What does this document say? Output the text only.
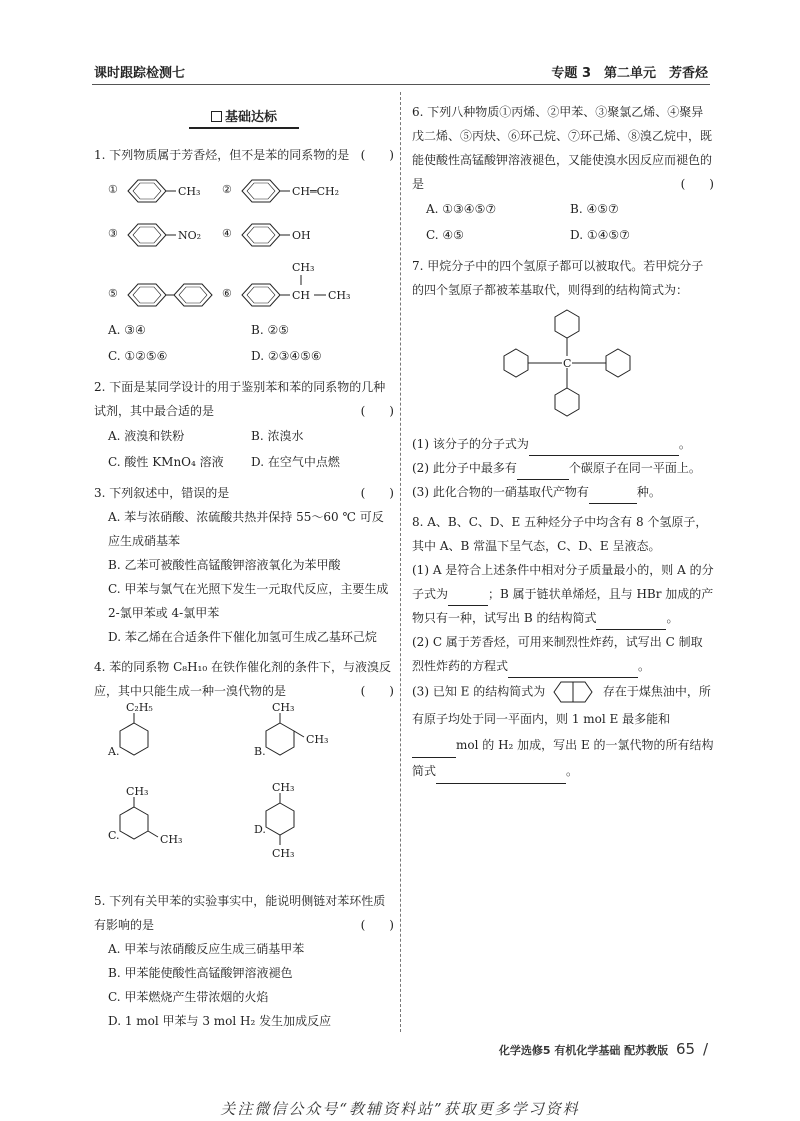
课时跟踪检测七	专题 3　第二单元　芳香烃
基础达标

1. 下列物质属于芳香烃，但不是苯的同系物的是 (　　)

①	CH₃ ②	CH═CH₂
③	NO₂ ④	OH
⑤	⑥	CH CH₃
CH₃
A. ③④	B. ②⑤
C. ①②⑤⑥	D. ②③④⑤⑥

2. 下面是某同学设计的用于鉴别苯和苯的同系物的几种试剂，其中最合适的是	(　　)

A. 液溴和铁粉	B. 浓溴水
C. 酸性 KMnO₄ 溶液	D. 在空气中点燃

3. 下列叙述中，错误的是	(　　)

A. 苯与浓硝酸、浓硫酸共热并保持 55～60 ℃ 可反应生成硝基苯

B. 乙苯可被酸性高锰酸钾溶液氧化为苯甲酸

C. 甲苯与氯气在光照下发生一元取代反应，主要生成 2-氯甲苯或 4-氯甲苯

D. 苯乙烯在合适条件下催化加氢可生成乙基环己烷

4. 苯的同系物 C₈H₁₀ 在铁作催化剂的条件下，与液溴反应，其中只能生成一种一溴代物的是	(　　)

A.
C₂H₅
B.
CH₃
CH₃
C.
CH₃
CH₃
D.
CH₃
CH₃

5. 下列有关甲苯的实验事实中，能说明侧链对苯环性质有影响的是	(　　)

A. 甲苯与浓硝酸反应生成三硝基甲苯

B. 甲苯能使酸性高锰酸钾溶液褪色

C. 甲苯燃烧产生带浓烟的火焰

D. 1 mol 甲苯与 3 mol H₂ 发生加成反应

6. 下列八种物质①丙烯、②甲苯、③聚氯乙烯、④聚异戊二烯、⑤丙炔、⑥环己烷、⑦环己烯、⑧溴乙烷中，既能使酸性高锰酸钾溶液褪色，又能使溴水因反应而褪色的是	(　　)

A. ①③④⑤⑦	B. ④⑤⑦
C. ④⑤	D. ①④⑤⑦

7. 甲烷分子中的四个氢原子都可以被取代。若甲烷分子的四个氢原子都被苯基取代，则得到的结构简式为：

C

(1) 该分子的分子式为	。

(2) 此分子中最多有	个碳原子在同一平面上。

(3) 此化合物的一硝基取代产物有	种。

8. A、B、C、D、E 五种烃分子中均含有 8 个氢原子，其中 A、B 常温下呈气态，C、D、E 呈液态。

(1) A 是符合上述条件中相对分子质量最小的，则 A 的分子式为	；B 属于链状单烯烃，且与 HBr 加成的产物只有一种，试写出 B 的结构简式	。

(2) C 属于芳香烃，可用来制烈性炸药，试写出 C 制取烈性炸药的方程式	。

(3) 已知 E 的结构简式为	存在于煤焦油中，所有原子均处于同一平面内，则 1 mol E 最多能和mol 的 H₂ 加成，写出 E 的一氯代物的所有结构简式	。

化学选修5 有机化学基础 配苏教版 65 /
关注微信公众号“教辅资料站”获取更多学习资料
